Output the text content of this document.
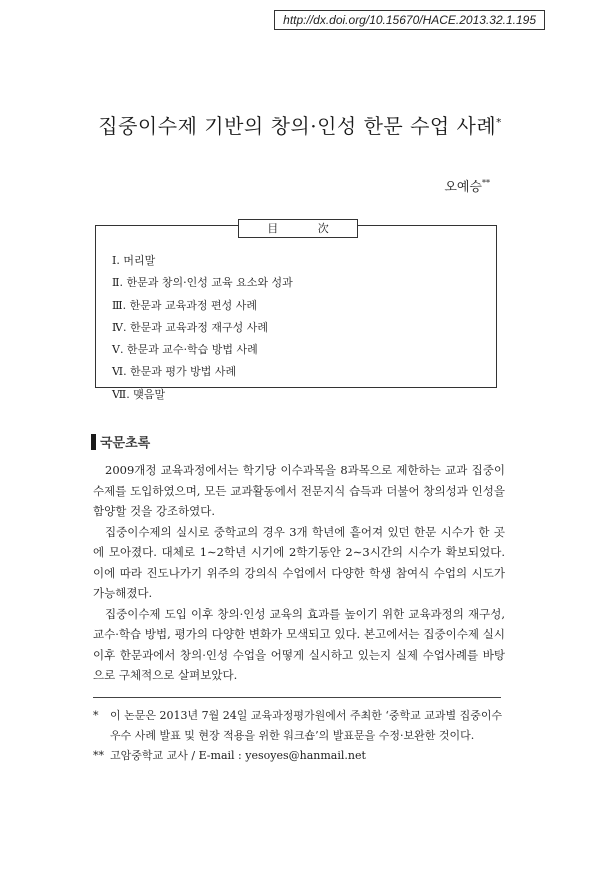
http://dx.doi.org/10.15670/HACE.2013.32.1.195
집중이수제 기반의 창의·인성 한문 수업 사례*
오예승**
目 次
Ⅰ. 머리말
Ⅱ. 한문과 창의·인성 교육 요소와 성과
Ⅲ. 한문과 교육과정 편성 사례
Ⅳ. 한문과 교육과정 재구성 사례
Ⅴ. 한문과 교수·학습 방법 사례
Ⅵ. 한문과 평가 방법 사례
Ⅶ. 맺음말
국문초록

2009개정 교육과정에서는 학기당 이수과목을 8과목으로 제한하는 교과 집중이수제를 도입하였으며, 모든 교과활동에서 전문지식 습득과 더불어 창의성과 인성을 함양할 것을 강조하였다.

집중이수제의 실시로 중학교의 경우 3개 학년에 흩어져 있던 한문 시수가 한 곳에 모아졌다. 대체로 1∼2학년 시기에 2학기동안 2∼3시간의 시수가 확보되었다. 이에 따라 진도나가기 위주의 강의식 수업에서 다양한 학생 참여식 수업의 시도가 가능해졌다.

집중이수제 도입 이후 창의·인성 교육의 효과를 높이기 위한 교육과정의 재구성, 교수·학습 방법, 평가의 다양한 변화가 모색되고 있다. 본고에서는 집중이수제 실시 이후 한문과에서 창의·인성 수업을 어떻게 실시하고 있는지 실제 수업사례를 바탕으로 구체적으로 살펴보았다.

* 이 논문은 2013년 7월 24일 교육과정평가원에서 주최한 ‘중학교 교과별 집중이수 우수 사례 발표 및 현장 적용을 위한 워크숍’의 발표문을 수정·보완한 것이다.
** 고암중학교 교사 / E-mail : yesoyes@hanmail.net
